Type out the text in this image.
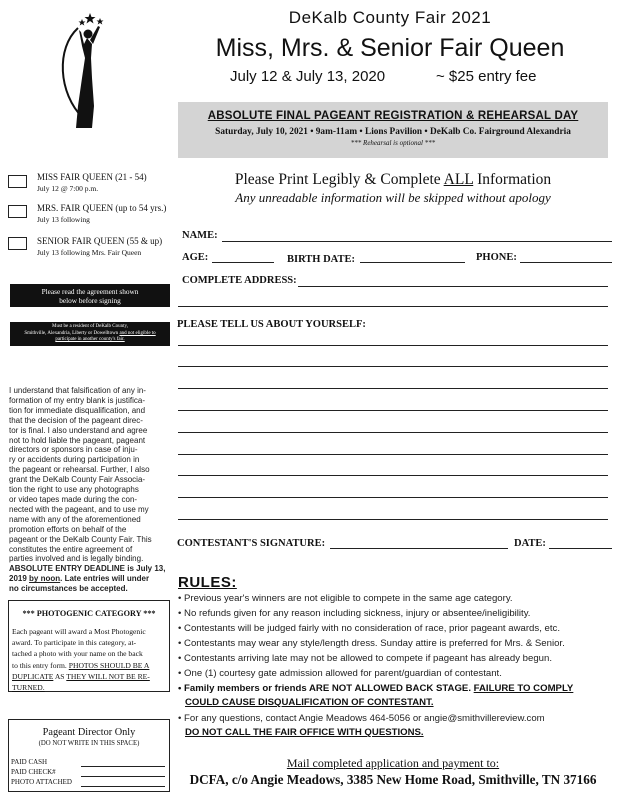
DeKalb County Fair 2021
Miss, Mrs. & Senior Fair Queen
July 12 & July 13, 2020	~ $25 entry fee
ABSOLUTE FINAL PAGEANT REGISTRATION & REHEARSAL DAY
Saturday, July 10, 2021 • 9am-11am • Lions Pavilion • DeKalb Co. Fairground Alexandria
*** Rehearsal is optional ***
MISS FAIR QUEEN (21 - 54)
July 12 @ 7:00 p.m.
MRS. FAIR QUEEN (up to 54 yrs.)
July 13 following
SENIOR FAIR QUEEN (55 & up)
July 13 following Mrs. Fair Queen
Please read the agreement shown
below before signing
Must be a resident of DeKalb County,
Smithville, Alexandria, Liberty or Dowelltown and not eligible to
participate in another county's fair.
Please Print Legibly & Complete ALL Information
Any unreadable information will be skipped without apology
NAME:
AGE:	BIRTH DATE:	PHONE:
COMPLETE ADDRESS:
PLEASE TELL US ABOUT YOURSELF:
CONTESTANT'S SIGNATURE:	DATE:
I understand that falsification of any in-
formation of my entry blank is justifica-
tion for immediate disqualification, and
that the decision of the pageant direc-
tor is final. I also understand and agree
not to hold liable the pageant, pageant
directors or sponsors in case of inju-
ry or accidents during participation in
the pageant or rehearsal. Further, I also
grant the DeKalb County Fair Associa-
tion the right to use any photographs
or video tapes made during the con-
nected with the pageant, and to use my
name with any of the aforementioned
promotion efforts on behalf of the
pageant or the DeKalb County Fair. This
constitutes the entire agreement of
parties involved and is legally binding.
ABSOLUTE ENTRY DEADLINE is July 13,
2019 by noon. Late entries will under
no circumstances be accepted.
*** PHOTOGENIC CATEGORY ***
Each pageant will award a Most Photogenic
award. To participate in this category, at-
tached a photo with your name on the back
to this entry form. PHOTOS SHOULD BE A
DUPLICATE AS THEY WILL NOT BE RE-
TURNED.
Pageant Director Only
(DO NOT WRITE IN THIS SPACE)
PAID CASH
PAID CHECK#
PHOTO ATTACHED
RULES:
• Previous year's winners are not eligible to compete in the same age category.
• No refunds given for any reason including sickness, injury or absentee/ineligibility.
• Contestants will be judged fairly with no consideration of race, prior pageant awards, etc.
• Contestants may wear any style/length dress. Sunday attire is preferred for Mrs. & Senior.
• Contestants arriving late may not be allowed to compete if pageant has already begun.
• One (1) courtesy gate admission allowed for parent/guardian of contestant.
• Family members or friends ARE NOT ALLOWED BACK STAGE. FAILURE TO COMPLY
COULD CAUSE DISQUALIFICATION OF CONTESTANT.
• For any questions, contact Angie Meadows 464-5056 or angie@smithvillereview.com
DO NOT CALL THE FAIR OFFICE WITH QUESTIONS.
Mail completed application and payment to:
DCFA, c/o Angie Meadows, 3385 New Home Road, Smithville, TN 37166
